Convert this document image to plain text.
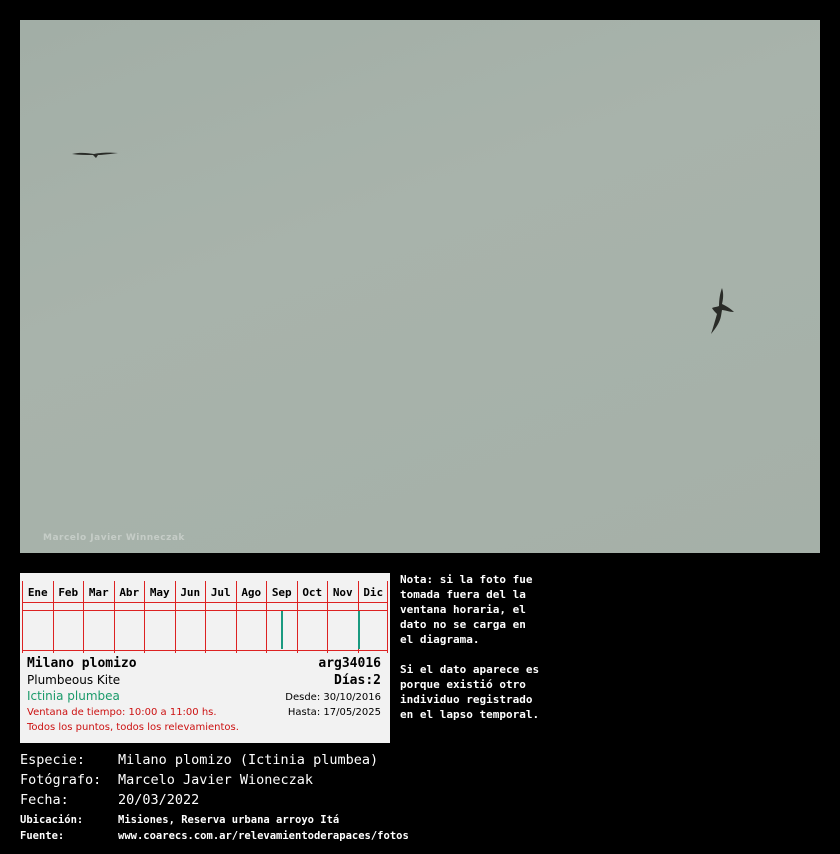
Marcelo Javier Winneczak
Ene Feb Mar Abr May Jun Jul Ago Sep Oct Nov Dic
Milano plomizo	arg34016
Plumbeous Kite	Días:2
Ictinia plumbea	Desde: 30/10/2016
Ventana de tiempo: 10:00 a 11:00 hs.	Hasta: 17/05/2025
Todos los puntos, todos los relevamientos.

Nota: si la foto fue
tomada fuera del la
ventana horaria, el
dato no se carga en
el diagrama.

Si el dato aparece es
porque existió otro
individuo registrado
en el lapso temporal.

Especie: Milano plomizo (Ictinia plumbea)
Fotógrafo: Marcelo Javier Wioneczak
Fecha:	20/03/2022
Ubicación:	Misiones, Reserva urbana arroyo Itá
Fuente:	www.coarecs.com.ar/relevamientoderapaces/fotos
